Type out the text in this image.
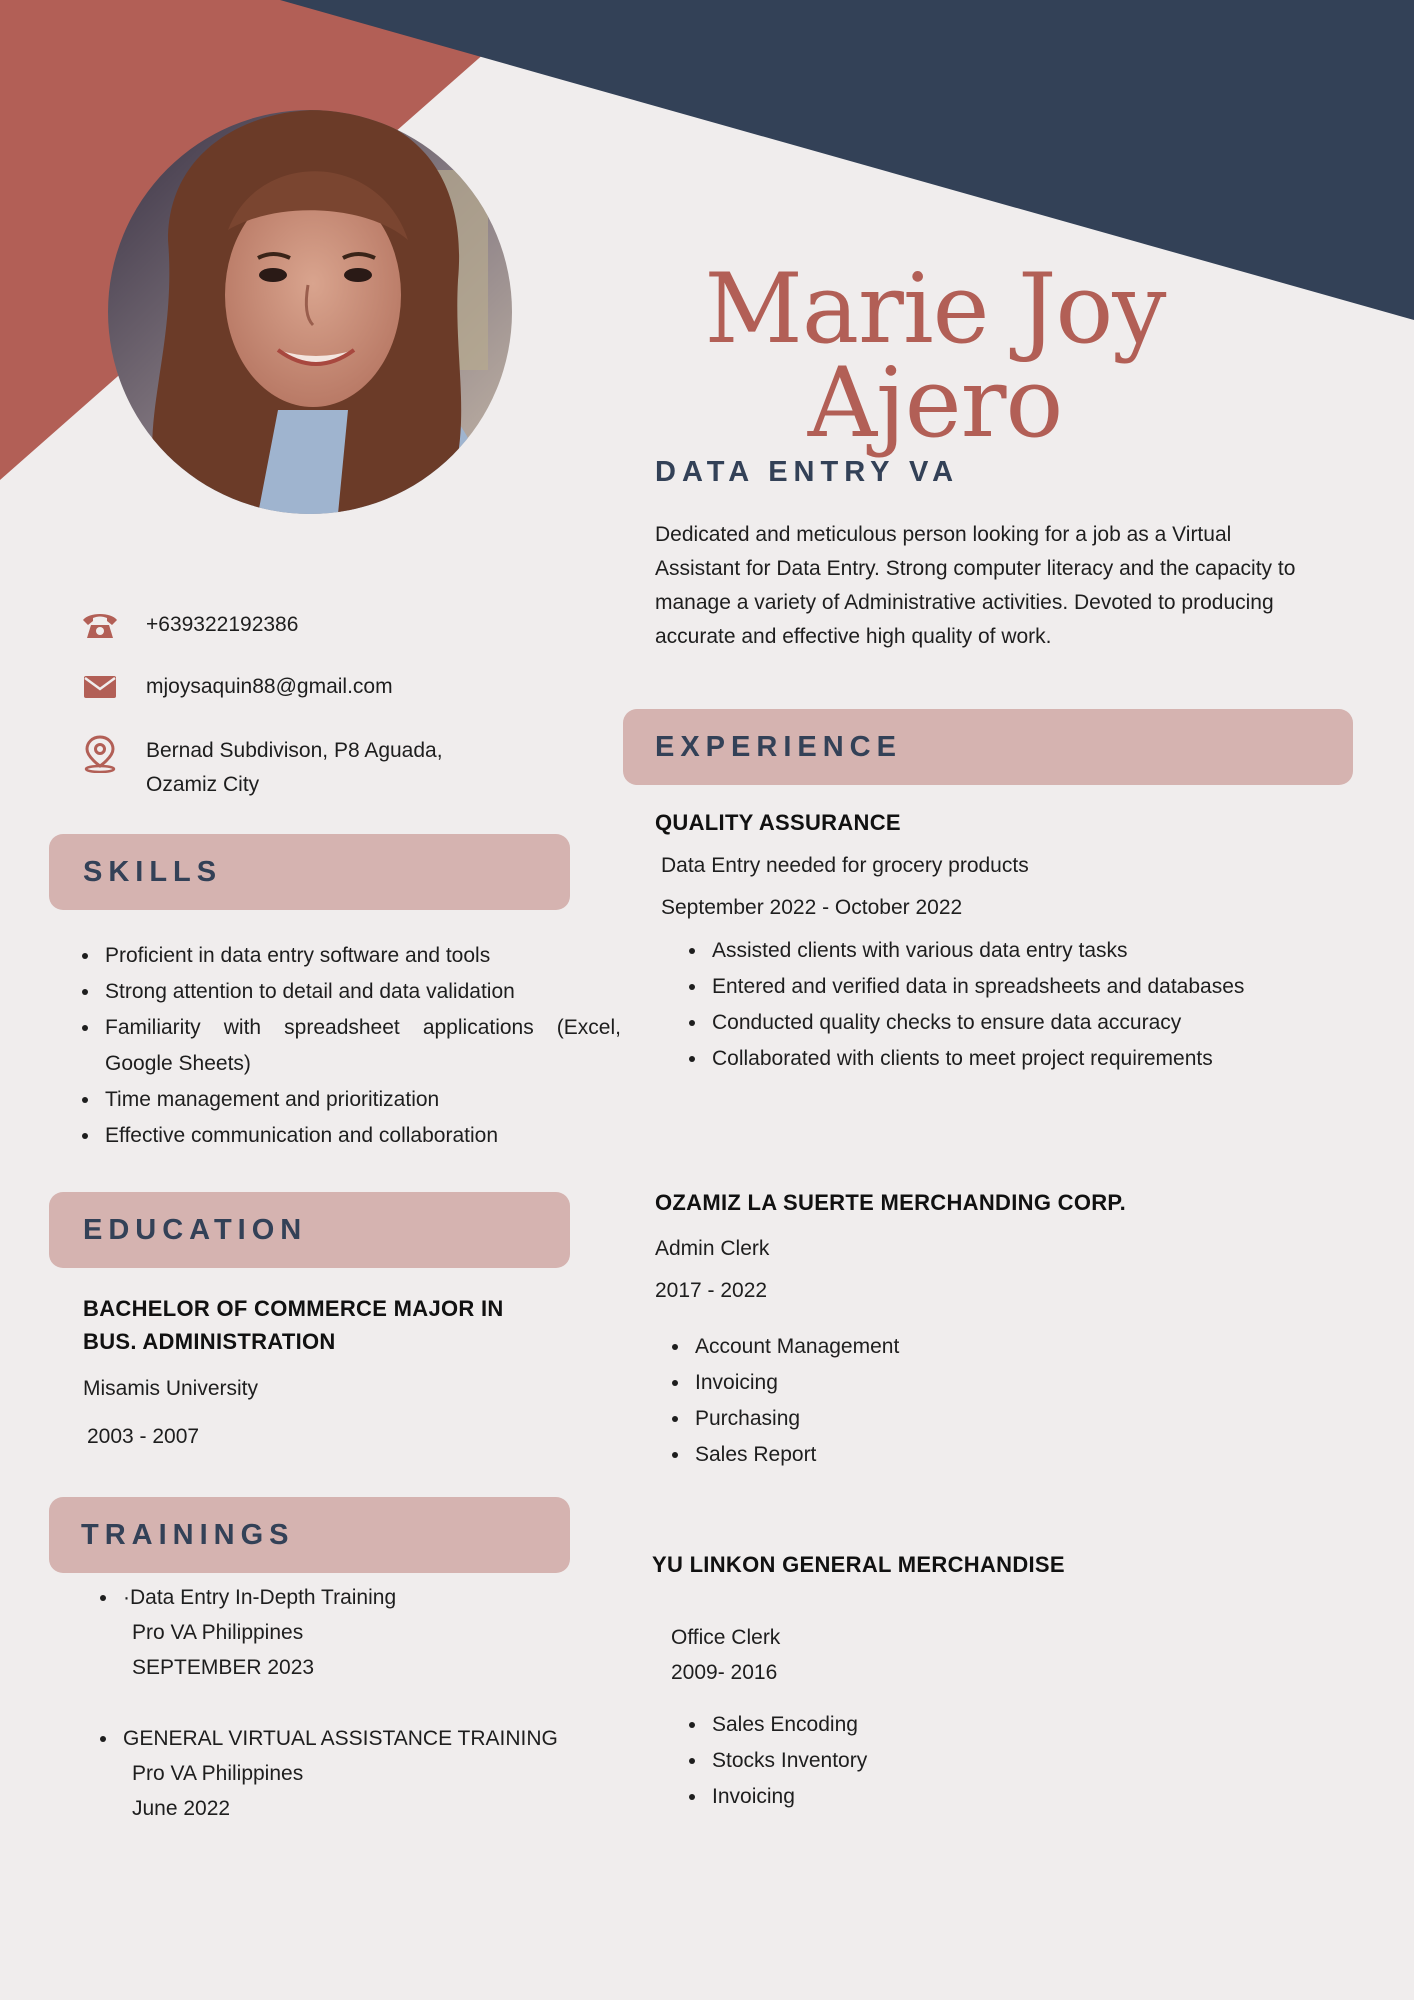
Marie Joy
Ajero
DATA ENTRY VA
Dedicated and meticulous person looking for a job as a Virtual Assistant for Data Entry. Strong computer literacy and the capacity to manage a variety of Administrative activities. Devoted to producing accurate and effective high quality of work.
+639322192386
mjoysaquin88@gmail.com
Bernad Subdivison, P8 Aguada,
Ozamiz City
SKILLS
• Proficient in data entry software and tools
• Strong attention to detail and data validation
• Familiarity with spreadsheet applications (Excel, Google Sheets)
• Time management and prioritization
• Effective communication and collaboration
EDUCATION
BACHELOR OF COMMERCE MAJOR IN BUS. ADMINISTRATION
Misamis University
2003 - 2007
TRAININGS
• ·Data Entry In-Depth Training
Pro VA Philippines
SEPTEMBER 2023
• GENERAL VIRTUAL ASSISTANCE TRAINING
Pro VA Philippines
June 2022
EXPERIENCE
QUALITY ASSURANCE
Data Entry needed for grocery products
September 2022 - October 2022
• Assisted clients with various data entry tasks
• Entered and verified data in spreadsheets and databases
• Conducted quality checks to ensure data accuracy
• Collaborated with clients to meet project requirements
OZAMIZ LA SUERTE MERCHANDING CORP.
Admin Clerk
2017 - 2022
• Account Management
• Invoicing
• Purchasing
• Sales Report
YU LINKON GENERAL MERCHANDISE
Office Clerk
2009- 2016
• Sales Encoding
• Stocks Inventory
• Invoicing
